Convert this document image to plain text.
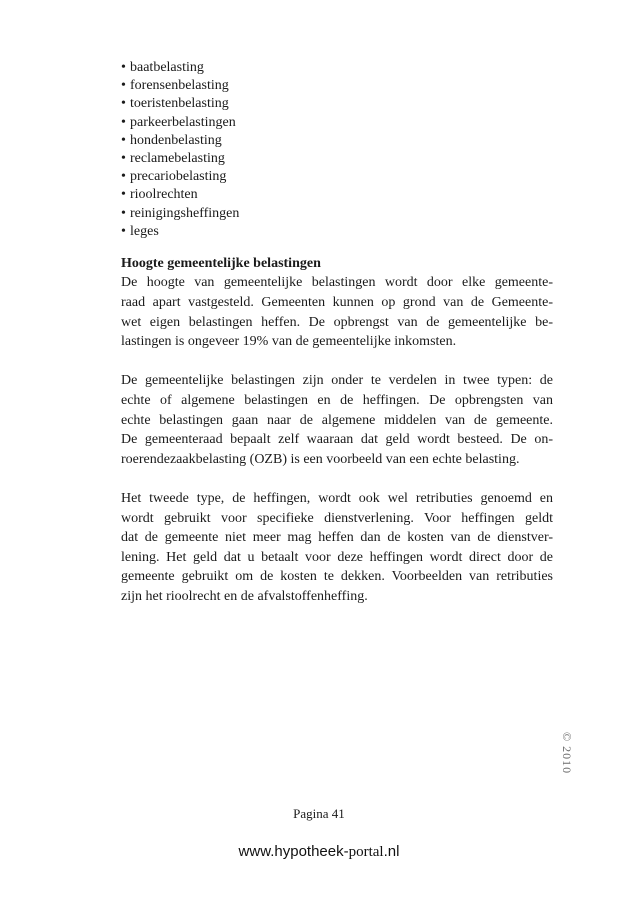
• baatbelasting
• forensenbelasting
• toeristenbelasting
• parkeerbelastingen
• hondenbelasting
• reclamebelasting
• precariobelasting
• rioolrechten
• reinigingsheffingen
• leges
Hoogte gemeentelijke belastingen

De hoogte van gemeentelijke belastingen wordt door elke gemeente-
raad apart vastgesteld. Gemeenten kunnen op grond van de Gemeente-
wet eigen belastingen heffen. De opbrengst van de gemeentelijke be-
lastingen is ongeveer 19% van de gemeentelijke inkomsten.

De gemeentelijke belastingen zijn onder te verdelen in twee typen: de
echte of algemene belastingen en de heffingen. De opbrengsten van
echte belastingen gaan naar de algemene middelen van de gemeente.
De gemeenteraad bepaalt zelf waaraan dat geld wordt besteed. De on-
roerendezaakbelasting (OZB) is een voorbeeld van een echte belasting.

Het tweede type, de heffingen, wordt ook wel retributies genoemd en
wordt gebruikt voor specifieke dienstverlening. Voor heffingen geldt
dat de gemeente niet meer mag heffen dan de kosten van de dienstver-
lening. Het geld dat u betaalt voor deze heffingen wordt direct door de
gemeente gebruikt om de kosten te dekken. Voorbeelden van retributies
zijn het rioolrecht en de afvalstoffenheffing.

© 2010
Pagina 41
www.hypotheek-portal.nl
